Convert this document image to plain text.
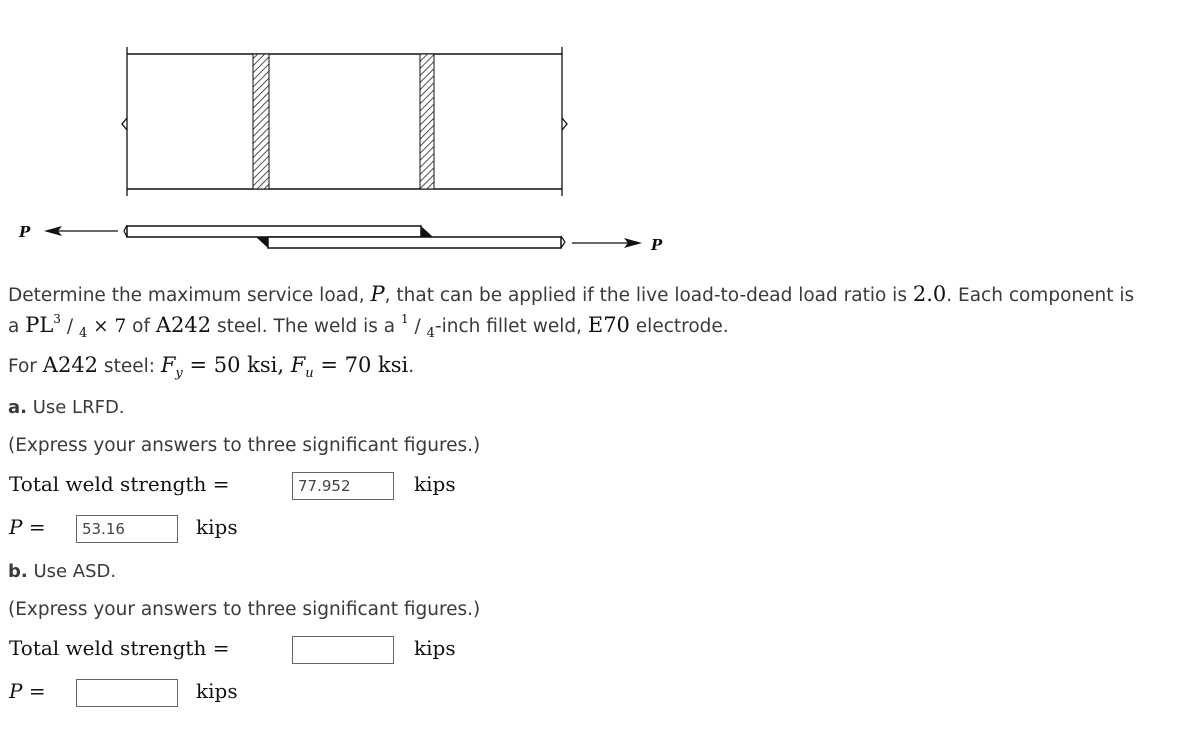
P
P
Determine the maximum service load, P, that can be applied if the live load-to-dead load ratio is 2.0. Each component is
a $PL^3 / _4 \times 7$ of A242 steel. The weld is a $^1$ / $_4$-inch fillet weld, E70 electrode.
For A242 steel: $F_y = 50$ ksi, $F_u = 70$ ksi.
a. Use LRFD.
(Express your answers to three significant figures.)
Total weld strength =	77.952	kips
P =	53.16	kips
b. Use ASD.
(Express your answers to three significant figures.)
Total weld strength =	kips
P =	kips
